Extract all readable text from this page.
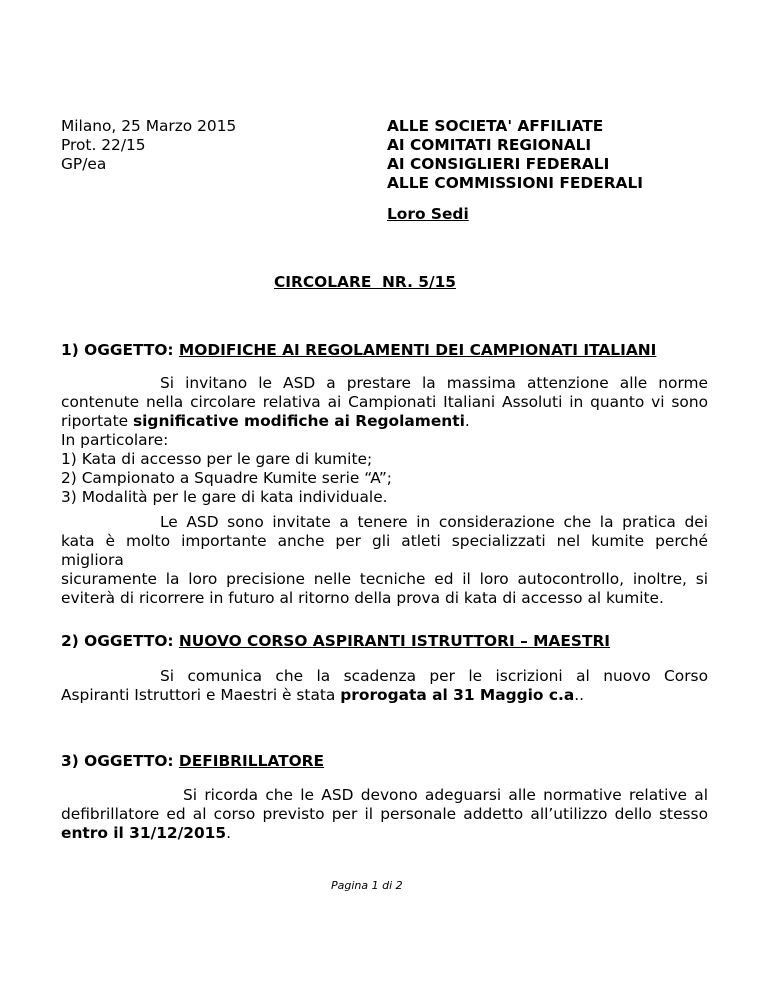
Milano, 25 Marzo 2015
Prot. 22/15
GP/ea
ALLE SOCIETA' AFFILIATE
AI COMITATI REGIONALI
AI CONSIGLIERI FEDERALI
ALLE COMMISSIONI FEDERALI
Loro Sedi
CIRCOLARE  NR. 5/15
1) OGGETTO: MODIFICHE AI REGOLAMENTI DEI CAMPIONATI ITALIANI
Si invitano le ASD a prestare la massima attenzione alle norme
contenute nella circolare relativa ai Campionati Italiani Assoluti in quanto vi sono
riportate significative modifiche ai Regolamenti.
In particolare:
1) Kata di accesso per le gare di kumite;
2) Campionato a Squadre Kumite serie “A”;
3) Modalità per le gare di kata individuale.
Le ASD sono invitate a tenere in considerazione che la pratica dei
kata è molto importante anche per gli atleti specializzati nel kumite perché migliora
sicuramente la loro precisione nelle tecniche ed il loro autocontrollo, inoltre, si
eviterà di ricorrere in futuro al ritorno della prova di kata di accesso al kumite.
2) OGGETTO: NUOVO CORSO ASPIRANTI ISTRUTTORI – MAESTRI
Si comunica che la scadenza per le iscrizioni al nuovo Corso
Aspiranti Istruttori e Maestri è stata prorogata al 31 Maggio c.a..
3) OGGETTO: DEFIBRILLATORE
Si ricorda che le ASD devono adeguarsi alle normative relative al
defibrillatore ed al corso previsto per il personale addetto all’utilizzo dello stesso
entro il 31/12/2015.
Pagina 1 di 2
